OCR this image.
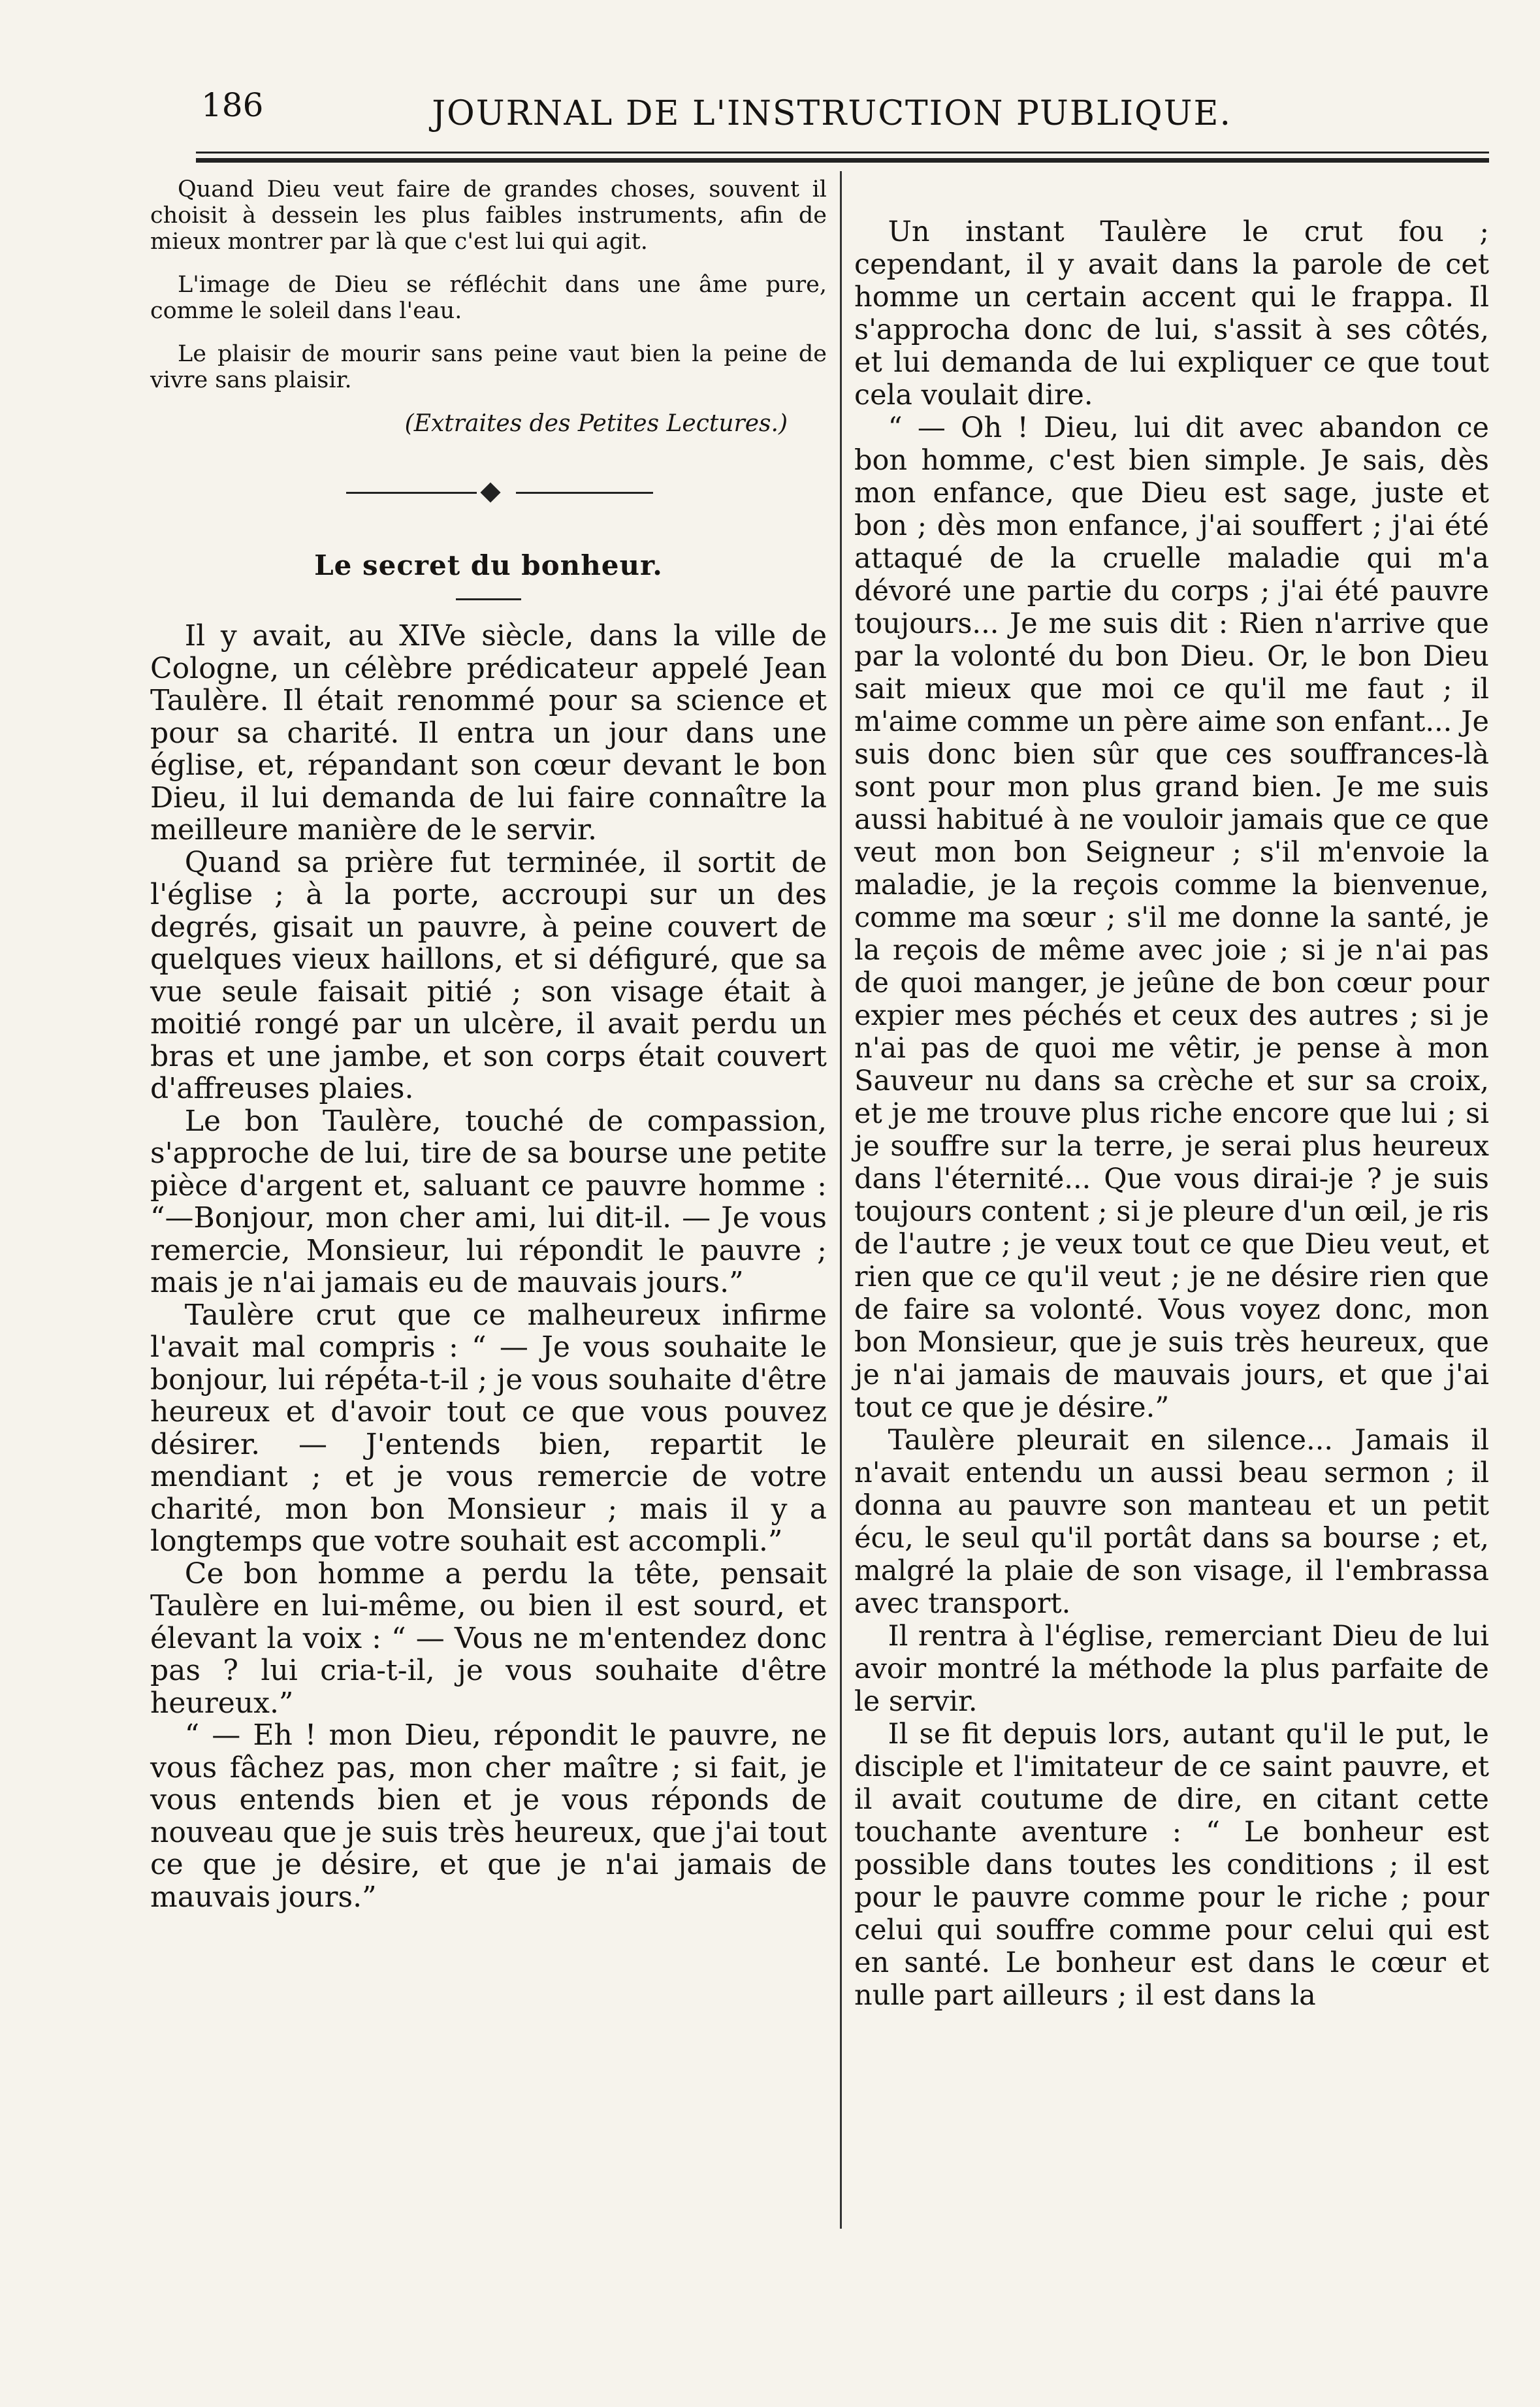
186	JOURNAL DE L'INSTRUCTION PUBLIQUE.

Quand Dieu veut faire de grandes choses, souvent il choisit à dessein les plus faibles instruments, afin de mieux montrer par là que c'est lui qui agit.

L'image de Dieu se réfléchit dans une âme pure, comme le soleil dans l'eau.

Le plaisir de mourir sans peine vaut bien la peine de vivre sans plaisir.

(Extraites des Petites Lectures.)

Le secret du bonheur.

Il y avait, au XIVe siècle, dans la ville de Cologne, un célèbre prédicateur appelé Jean Taulère. Il était renommé pour sa science et pour sa charité. Il entra un jour dans une église, et, répandant son cœur devant le bon Dieu, il lui demanda de lui faire connaître la meilleure manière de le servir.

Quand sa prière fut terminée, il sortit de l'église ; à la porte, accroupi sur un des degrés, gisait un pauvre, à peine couvert de quelques vieux haillons, et si défiguré, que sa vue seule faisait pitié ; son visage était à moitié rongé par un ulcère, il avait perdu un bras et une jambe, et son corps était couvert d'affreuses plaies.

Le bon Taulère, touché de compassion, s'approche de lui, tire de sa bourse une petite pièce d'argent et, saluant ce pauvre homme : “—Bonjour, mon cher ami, lui dit-il. — Je vous remercie, Monsieur, lui répondit le pauvre ; mais je n'ai jamais eu de mauvais jours.”

Taulère crut que ce malheureux infirme l'avait mal compris : “ — Je vous souhaite le bonjour, lui répéta-t-il ; je vous souhaite d'être heureux et d'avoir tout ce que vous pouvez désirer. — J'entends bien, repartit le mendiant ; et je vous remercie de votre charité, mon bon Monsieur ; mais il y a longtemps que votre souhait est accompli.”

Ce bon homme a perdu la tête, pensait Taulère en lui-même, ou bien il est sourd, et élevant la voix : “ — Vous ne m'entendez donc pas ? lui cria-t-il, je vous souhaite d'être heureux.”

“ — Eh ! mon Dieu, répondit le pauvre, ne vous fâchez pas, mon cher maître ; si fait, je vous entends bien et je vous réponds de nouveau que je suis très heureux, que j'ai tout ce que je désire, et que je n'ai jamais de mauvais jours.”

Un instant Taulère le crut fou ; cependant, il y avait dans la parole de cet homme un certain accent qui le frappa. Il s'approcha donc de lui, s'assit à ses côtés, et lui demanda de lui expliquer ce que tout cela voulait dire.

“ — Oh ! Dieu, lui dit avec abandon ce bon homme, c'est bien simple. Je sais, dès mon enfance, que Dieu est sage, juste et bon ; dès mon enfance, j'ai souffert ; j'ai été attaqué de la cruelle maladie qui m'a dévoré une partie du corps ; j'ai été pauvre toujours... Je me suis dit : Rien n'arrive que par la volonté du bon Dieu. Or, le bon Dieu sait mieux que moi ce qu'il me faut ; il m'aime comme un père aime son enfant... Je suis donc bien sûr que ces souffrances-là sont pour mon plus grand bien. Je me suis aussi habitué à ne vouloir jamais que ce que veut mon bon Seigneur ; s'il m'envoie la maladie, je la reçois comme la bienvenue, comme ma sœur ; s'il me donne la santé, je la reçois de même avec joie ; si je n'ai pas de quoi manger, je jeûne de bon cœur pour expier mes péchés et ceux des autres ; si je n'ai pas de quoi me vêtir, je pense à mon Sauveur nu dans sa crèche et sur sa croix, et je me trouve plus riche encore que lui ; si je souffre sur la terre, je serai plus heureux dans l'éternité... Que vous dirai-je ? je suis toujours content ; si je pleure d'un œil, je ris de l'autre ; je veux tout ce que Dieu veut, et rien que ce qu'il veut ; je ne désire rien que de faire sa volonté. Vous voyez donc, mon bon Monsieur, que je suis très heureux, que je n'ai jamais de mauvais jours, et que j'ai tout ce que je désire.”

Taulère pleurait en silence... Jamais il n'avait entendu un aussi beau sermon ; il donna au pauvre son manteau et un petit écu, le seul qu'il portât dans sa bourse ; et, malgré la plaie de son visage, il l'embrassa avec transport.

Il rentra à l'église, remerciant Dieu de lui avoir montré la méthode la plus parfaite de le servir.

Il se fit depuis lors, autant qu'il le put, le disciple et l'imitateur de ce saint pauvre, et il avait coutume de dire, en citant cette touchante aventure : “ Le bonheur est possible dans toutes les conditions ; il est pour le pauvre comme pour le riche ; pour celui qui souffre comme pour celui qui est en santé. Le bonheur est dans le cœur et nulle part ailleurs ; il est dans la
